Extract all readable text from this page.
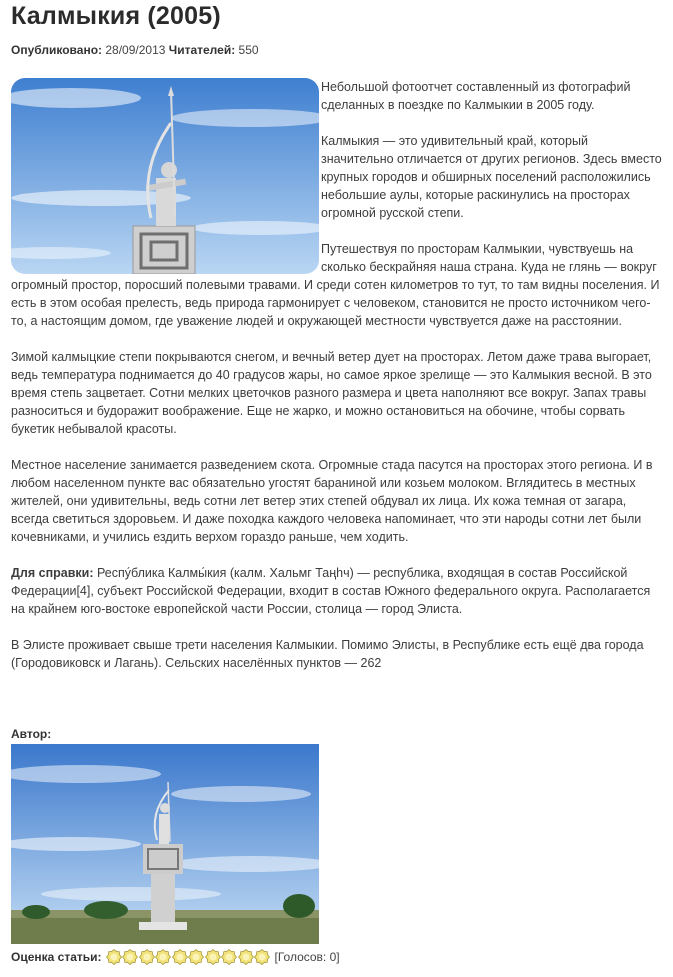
Калмыкия (2005)
Опубликовано: 28/09/2013 Читателей: 550

Небольшой фотоотчет составленный из фотографий сделанных в поездке по Калмыкии в 2005 году.

Калмыкия — это удивительный край, который значительно отличается от других регионов. Здесь вместо крупных городов и обширных поселений расположились небольшие аулы, которые раскинулись на просторах огромной русской степи.

Путешествуя по просторам Калмыкии, чувствуешь на сколько бескрайняя наша страна. Куда не глянь — вокруг огромный простор, поросший полевыми травами. И среди сотен километров то тут, то там видны поселения. И есть в этом особая прелесть, ведь природа гармонирует с человеком, становится не просто источником чего-то, а настоящим домом, где уважение людей и окружающей местности чувствуется даже на расстоянии.

Зимой калмыцкие степи покрываются снегом, и вечный ветер дует на просторах. Летом даже трава выгорает, ведь температура поднимается до 40 градусов жары, но самое яркое зрелище — это Калмыкия весной. В это время степь зацветает. Сотни мелких цветочков разного размера и цвета наполняют все вокруг. Запах травы разноситься и будоражит воображение. Еще не жарко, и можно остановиться на обочине, чтобы сорвать букетик небывалой красоты.

Местное население занимается разведением скота. Огромные стада пасутся на просторах этого региона. И в любом населенном пункте вас обязательно угостят бараниной или козьем молоком. Вглядитесь в местных жителей, они удивительны, ведь сотни лет ветер этих степей обдувал их лица. Их кожа темная от загара, всегда светиться здоровьем. И даже походка каждого человека напоминает, что эти народы сотни лет были кочевниками, и учились ездить верхом гораздо раньше, чем ходить.

Для справки: Респу́блика Калмы́кия (калм. Хальмг Таңһч) — республика, входящая в состав Российской Федерации[4], субъект Российской Федерации, входит в состав Южного федерального округа. Располагается на крайнем юго-востоке европейской части России, столица — город Элиста.

В Элисте проживает свыше трети населения Калмыкии. Помимо Элисты, в Республике есть ещё два города (Городовиковск и Лагань). Сельских населённых пунктов — 262

Автор:
Оценка статьи:	[Голосов: 0]
